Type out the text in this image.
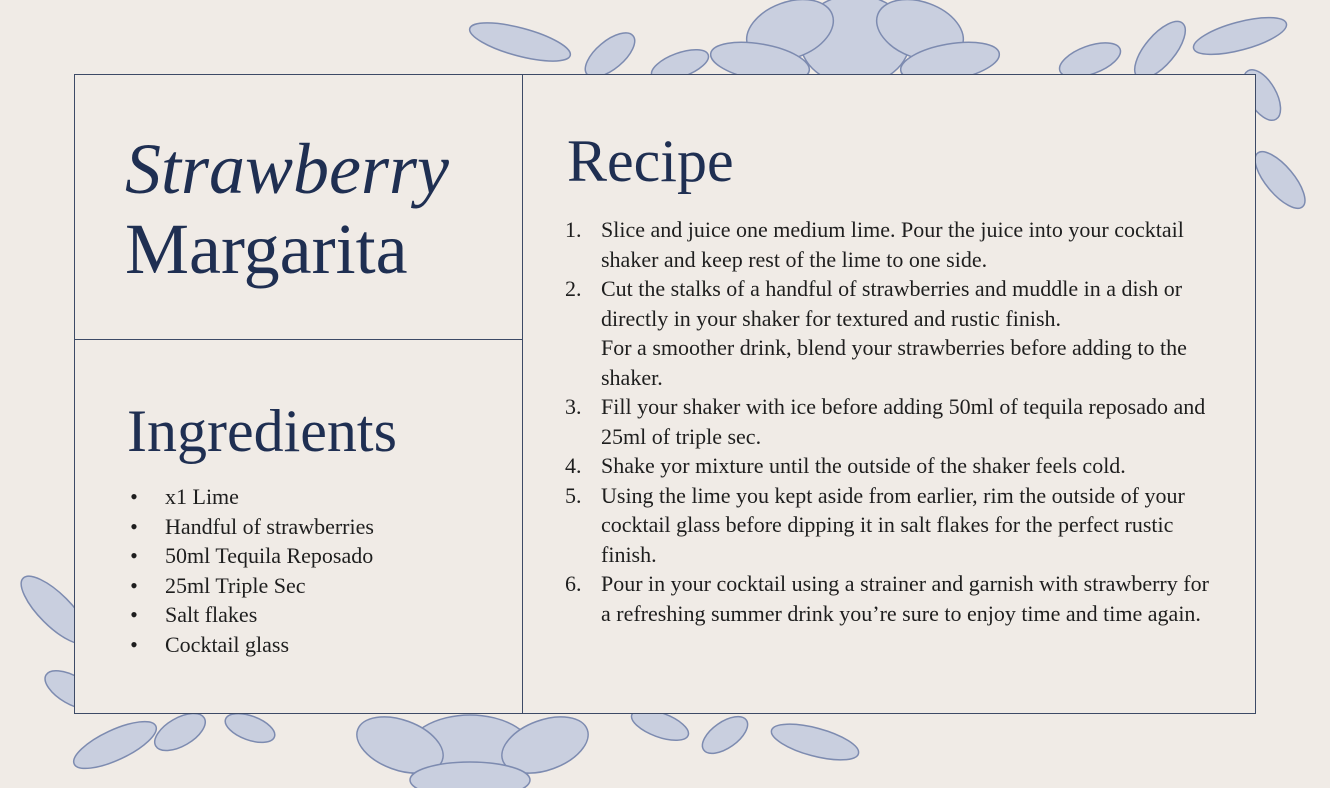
Strawberry
Margarita
Ingredients
• x1 Lime
• Handful of strawberries
• 50ml Tequila Reposado
• 25ml Triple Sec
• Salt flakes
• Cocktail glass
Recipe
1. Slice and juice one medium lime. Pour the juice into your cocktail shaker and keep rest of the lime to one side.
2. Cut the stalks of a handful of strawberries and muddle in a dish or directly in your shaker for textured and rustic finish.
For a smoother drink, blend your strawberries before adding to the shaker.
3. Fill your shaker with ice before adding 50ml of tequila reposado and 25ml of triple sec.
4. Shake yor mixture until the outside of the shaker feels cold.
5. Using the lime you kept aside from earlier, rim the outside of your cocktail glass before dipping it in salt flakes for the perfect rustic finish.
6. Pour in your cocktail using a strainer and garnish with strawberry for a refreshing summer drink you’re sure to enjoy time and time again.
